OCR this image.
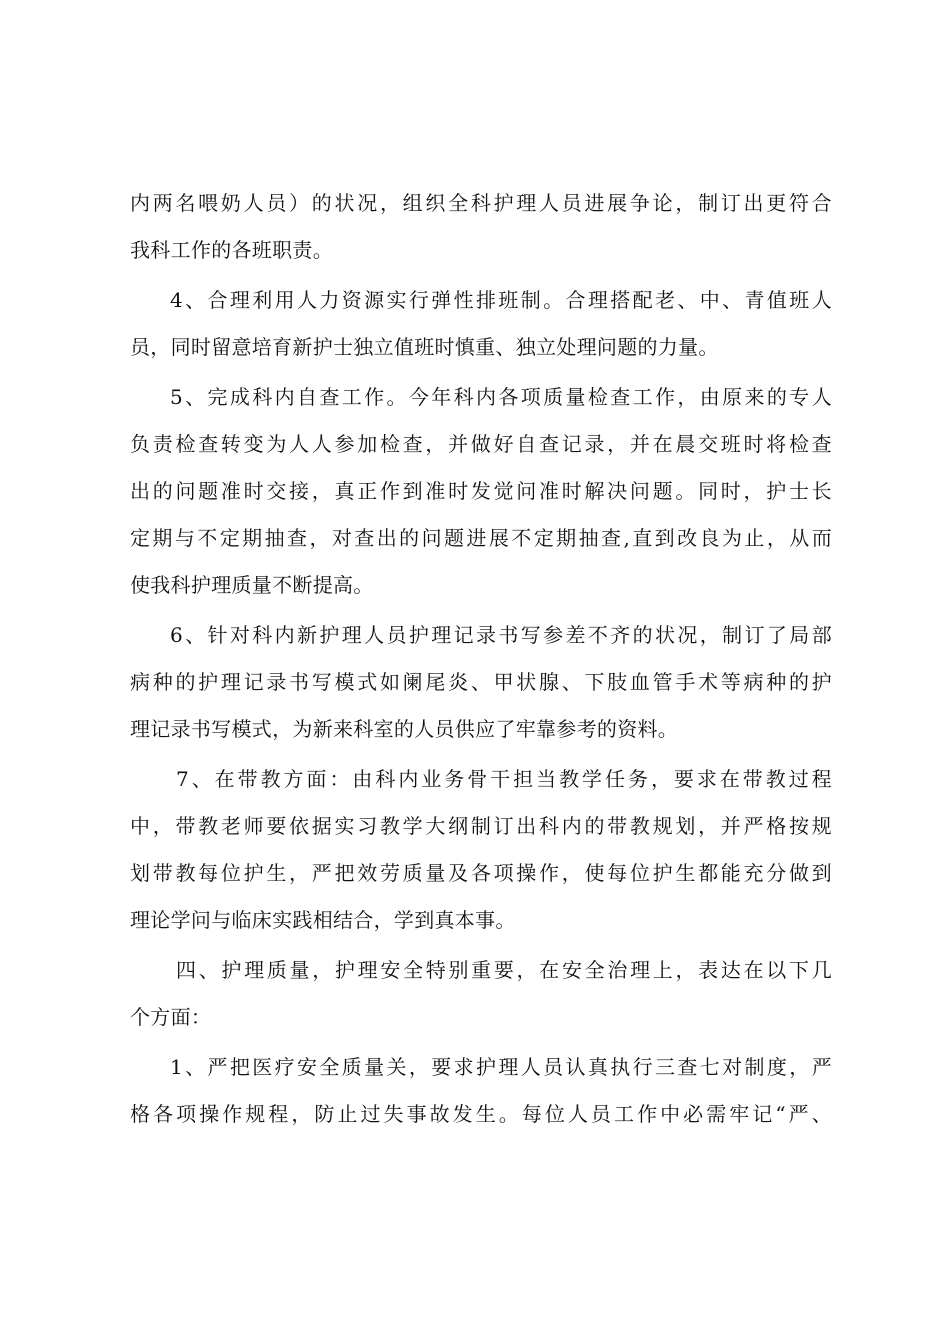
内两名喂奶人员）的状况，组织全科护理人员进展争论，制订出更符合
我科工作的各班职责。
4、合理利用人力资源实行弹性排班制。合理搭配老、中、青值班人
员，同时留意培育新护士独立值班时慎重、独立处理问题的力量。
5、完成科内自查工作。今年科内各项质量检查工作，由原来的专人
负责检查转变为人人参加检查，并做好自查记录，并在晨交班时将检查
出的问题准时交接，真正作到准时发觉问准时解决问题。同时，护士长
定期与不定期抽查，对查出的问题进展不定期抽查,直到改良为止，从而
使我科护理质量不断提高。
6、针对科内新护理人员护理记录书写参差不齐的状况，制订了局部
病种的护理记录书写模式如阑尾炎、甲状腺、下肢血管手术等病种的护
理记录书写模式，为新来科室的人员供应了牢靠参考的资料。
7、在带教方面：由科内业务骨干担当教学任务，要求在带教过程
中，带教老师要依据实习教学大纲制订出科内的带教规划，并严格按规
划带教每位护生，严把效劳质量及各项操作，使每位护生都能充分做到
理论学问与临床实践相结合，学到真本事。
四、护理质量，护理安全特别重要，在安全治理上，表达在以下几
个方面：
1、严把医疗安全质量关，要求护理人员认真执行三查七对制度，严
格各项操作规程，防止过失事故发生。每位人员工作中必需牢记“严、
